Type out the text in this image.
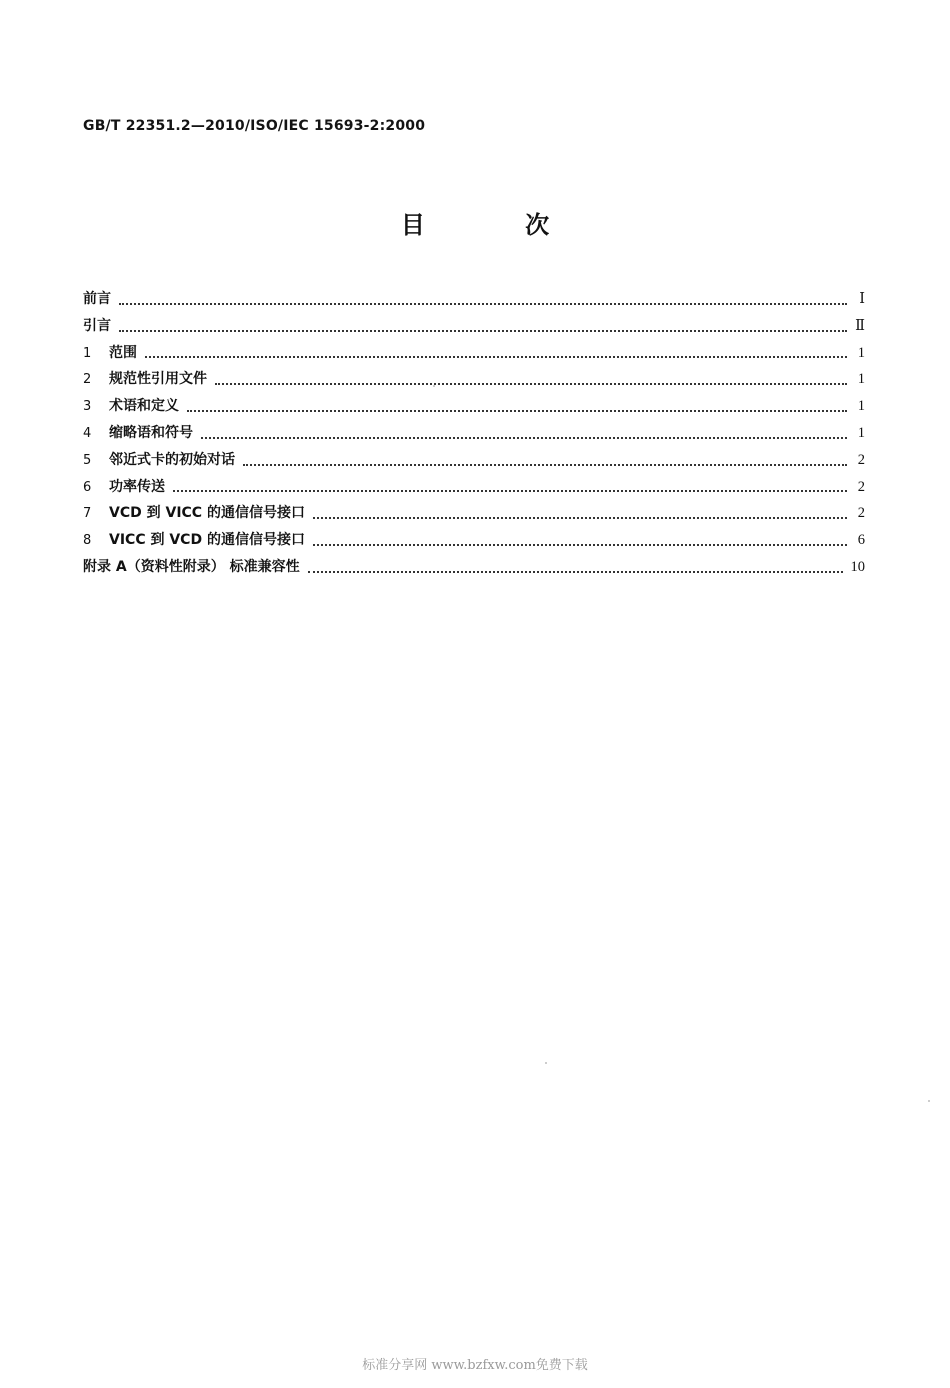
GB/T 22351.2—2010/ISO/IEC 15693-2:2000
目 次
前言	Ⅰ
引言	Ⅱ
1	范围	1
2	规范性引用文件	1
3	术语和定义	1
4	缩略语和符号	1
5	邻近式卡的初始对话	2
6	功率传送	2
7	VCD 到 VICC 的通信信号接口	2
8	VICC 到 VCD 的通信信号接口	6
附录 A（资料性附录） 标准兼容性	10
标准分享网 www.bzfxw.com免费下载
